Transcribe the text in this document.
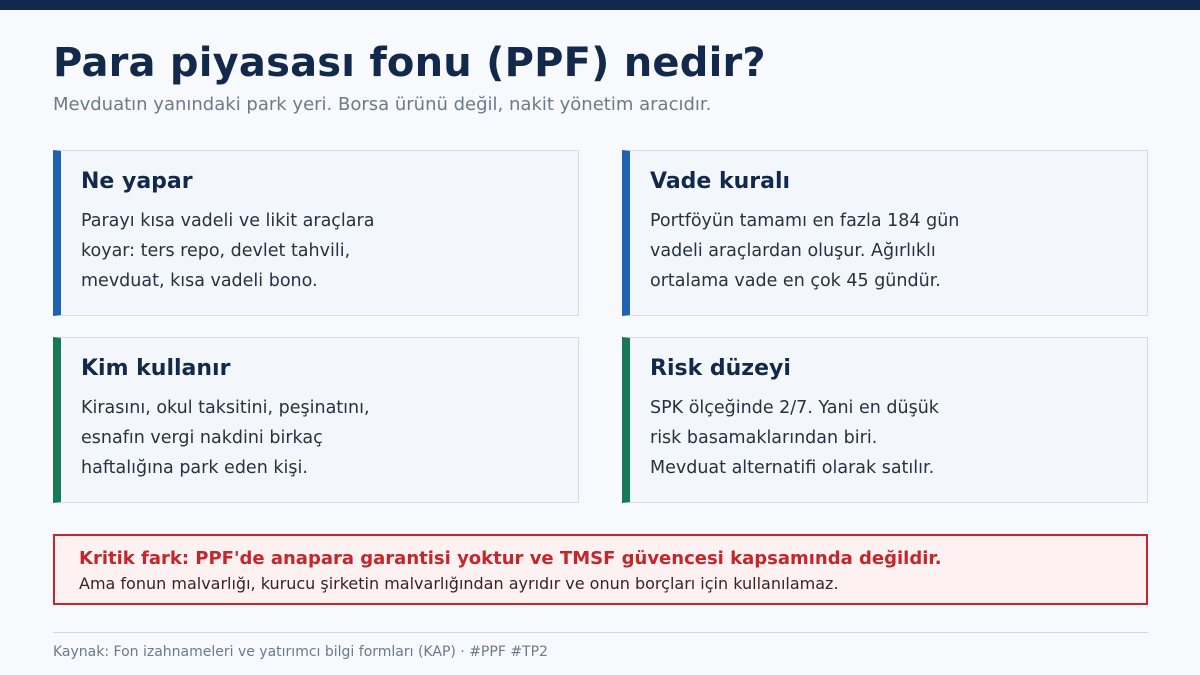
Para piyasası fonu (PPF) nedir?
Mevduatın yanındaki park yeri. Borsa ürünü değil, nakit yönetim aracıdır.
Ne yapar
Parayı kısa vadeli ve likit araçlara
koyar: ters repo, devlet tahvili,
mevduat, kısa vadeli bono.
Vade kuralı
Portföyün tamamı en fazla 184 gün
vadeli araçlardan oluşur. Ağırlıklı
ortalama vade en çok 45 gündür.
Kim kullanır
Kirasını, okul taksitini, peşinatını,
esnafın vergi nakdini birkaç
haftalığına park eden kişi.
Risk düzeyi
SPK ölçeğinde 2/7. Yani en düşük
risk basamaklarından biri.
Mevduat alternatifi olarak satılır.
Kritik fark: PPF'de anapara garantisi yoktur ve TMSF güvencesi kapsamında değildir.
Ama fonun malvarlığı, kurucu şirketin malvarlığından ayrıdır ve onun borçları için kullanılamaz.
Kaynak: Fon izahnameleri ve yatırımcı bilgi formları (KAP) · #PPF #TP2
